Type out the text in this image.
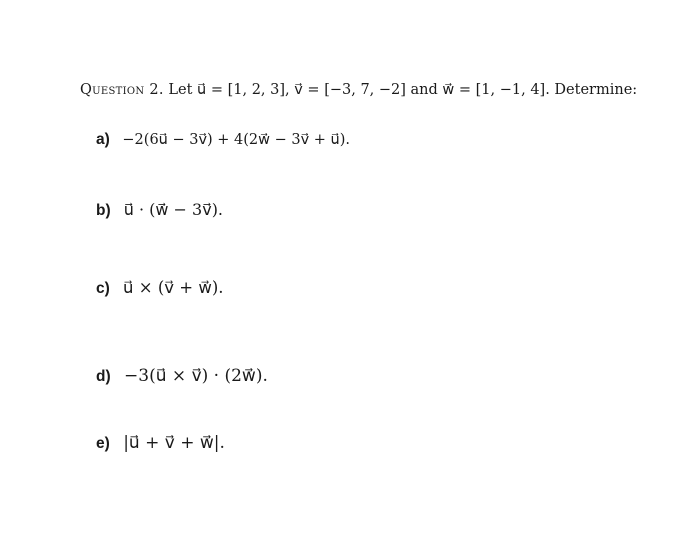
Question 2. Let u⃗ = [1, 2, 3], v⃗ = [−3, 7, −2] and w⃗ = [1, −1, 4]. Determine:
a) −2(6u⃗ − 3v⃗) + 4(2w⃗ − 3v⃗ + u⃗).
b) u⃗ · (w⃗ − 3v⃗).
c) u⃗ × (v⃗ + w⃗).
d) −3(u⃗ × v⃗) · (2w⃗).
e) |u⃗ + v⃗ + w⃗|.
